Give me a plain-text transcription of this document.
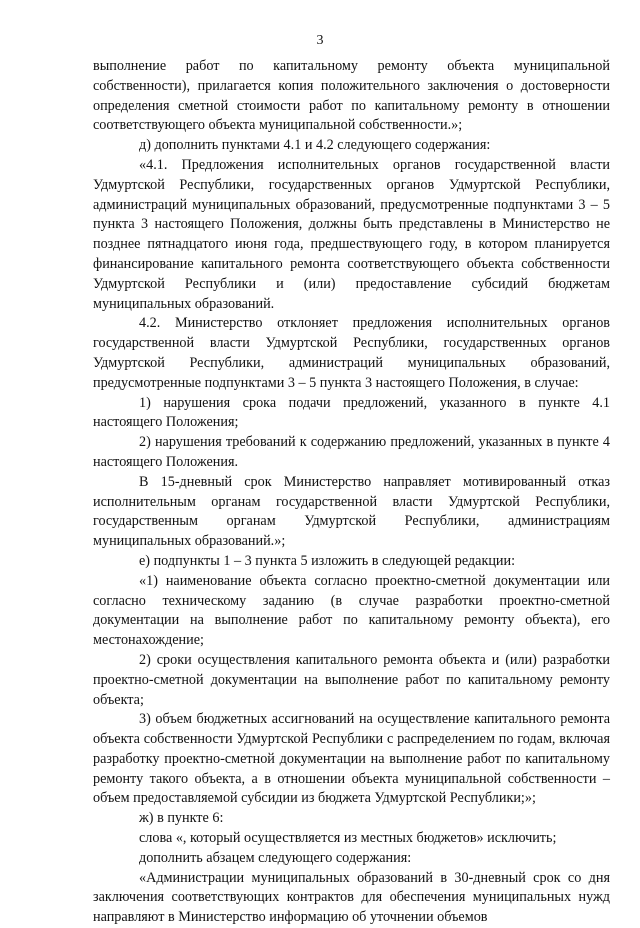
3

выполнение работ по капитальному ремонту объекта муниципальной собственности), прилагается копия положительного заключения о достоверности определения сметной стоимости работ по капитальному ремонту в отношении соответствующего объекта муниципальной собственности.»;

д) дополнить пунктами 4.1 и 4.2 следующего содержания:

«4.1. Предложения исполнительных органов государственной власти Удмуртской Республики, государственных органов Удмуртской Республики, администраций муниципальных образований, предусмотренные подпунктами 3 – 5 пункта 3 настоящего Положения, должны быть представлены в Министерство не позднее пятнадцатого июня года, предшествующего году, в котором планируется финансирование капитального ремонта соответствующего объекта собственности Удмуртской Республики и (или) предоставление субсидий бюджетам муниципальных образований.

4.2. Министерство отклоняет предложения исполнительных органов государственной власти Удмуртской Республики, государственных органов Удмуртской Республики, администраций муниципальных образований, предусмотренные подпунктами 3 – 5 пункта 3 настоящего Положения, в случае:

1) нарушения срока подачи предложений, указанного в пункте 4.1 настоящего Положения;

2) нарушения требований к содержанию предложений, указанных в пункте 4 настоящего Положения.

В 15-дневный срок Министерство направляет мотивированный отказ исполнительным органам государственной власти Удмуртской Республики, государственным органам Удмуртской Республики, администрациям муниципальных образований.»;

е) подпункты 1 – 3 пункта 5 изложить в следующей редакции:

«1) наименование объекта согласно проектно-сметной документации или согласно техническому заданию (в случае разработки проектно-сметной документации на выполнение работ по капитальному ремонту объекта), его местонахождение;

2) сроки осуществления капитального ремонта объекта и (или) разработки проектно-сметной документации на выполнение работ по капитальному ремонту объекта;

3) объем бюджетных ассигнований на осуществление капитального ремонта объекта собственности Удмуртской Республики с распределением по годам, включая разработку проектно-сметной документации на выполнение работ по капитальному ремонту такого объекта, а в отношении объекта муниципальной собственности – объем предоставляемой субсидии из бюджета Удмуртской Республики;»;

ж) в пункте 6:

слова «, который осуществляется из местных бюджетов» исключить;

дополнить абзацем следующего содержания:

«Администрации муниципальных образований в 30-дневный срок со дня заключения соответствующих контрактов для обеспечения муниципальных нужд направляют в Министерство информацию об уточнении объемов
